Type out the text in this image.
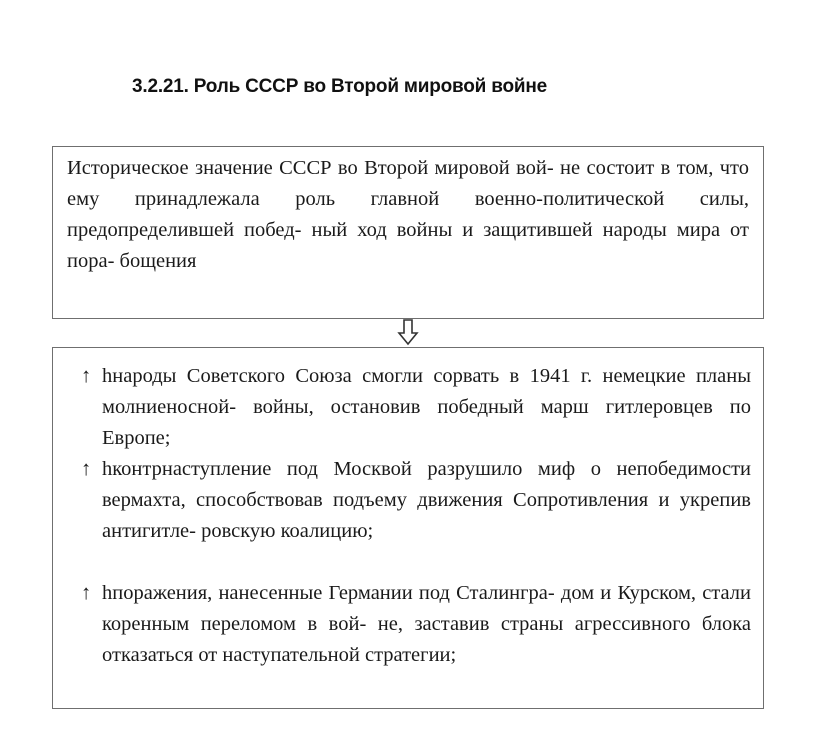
3.2.21. Роль СССР во Второй мировой войне

Историческое значение СССР во Второй мировой вой- не состоит в том, что ему принадлежала роль главной военно-политической силы, предопределившей побед- ный ход войны и защитившей народы мира от пора- бощения

↑ hнароды Советского Союза смогли сорвать в 1941 г. немецкие планы молниеносной- войны, остановив победный марш гитлеровцев по Европе;

↑ hконтрнаступление под Москвой разрушило миф о непобедимости вермахта, способствовав подъему движения Сопротивления и укрепив антигитле- ровскую коалицию;

↑ hпоражения, нанесенные Германии под Сталингра- дом и Курском, стали коренным переломом в вой- не, заставив страны агрессивного блока отказаться от наступательной стратегии;
